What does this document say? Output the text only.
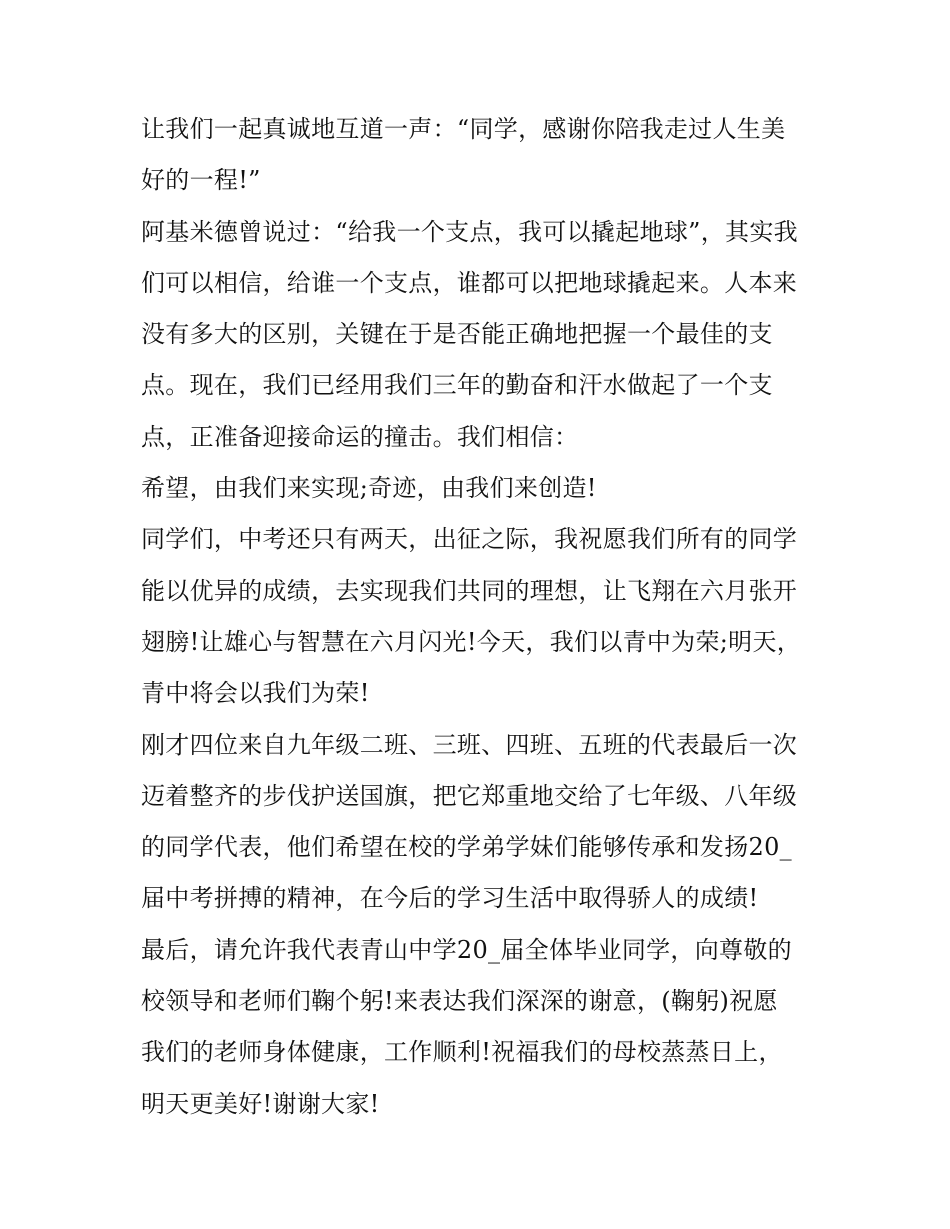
让我们一起真诚地互道一声：“同学，感谢你陪我走过人生美
好的一程!”
阿基米德曾说过：“给我一个支点，我可以撬起地球”，其实我
们可以相信，给谁一个支点，谁都可以把地球撬起来。人本来
没有多大的区别，关键在于是否能正确地把握一个最佳的支
点。现在，我们已经用我们三年的勤奋和汗水做起了一个支
点，正准备迎接命运的撞击。我们相信：
希望，由我们来实现;奇迹，由我们来创造!
同学们，中考还只有两天，出征之际，我祝愿我们所有的同学
能以优异的成绩，去实现我们共同的理想，让飞翔在六月张开
翅膀!让雄心与智慧在六月闪光!今天，我们以青中为荣;明天，
青中将会以我们为荣!
刚才四位来自九年级二班、三班、四班、五班的代表最后一次
迈着整齐的步伐护送国旗，把它郑重地交给了七年级、八年级
的同学代表，他们希望在校的学弟学妹们能够传承和发扬20_
届中考拼搏的精神，在今后的学习生活中取得骄人的成绩!
最后，请允许我代表青山中学20_届全体毕业同学，向尊敬的
校领导和老师们鞠个躬!来表达我们深深的谢意，(鞠躬)祝愿
我们的老师身体健康，工作顺利!祝福我们的母校蒸蒸日上，
明天更美好!谢谢大家!
